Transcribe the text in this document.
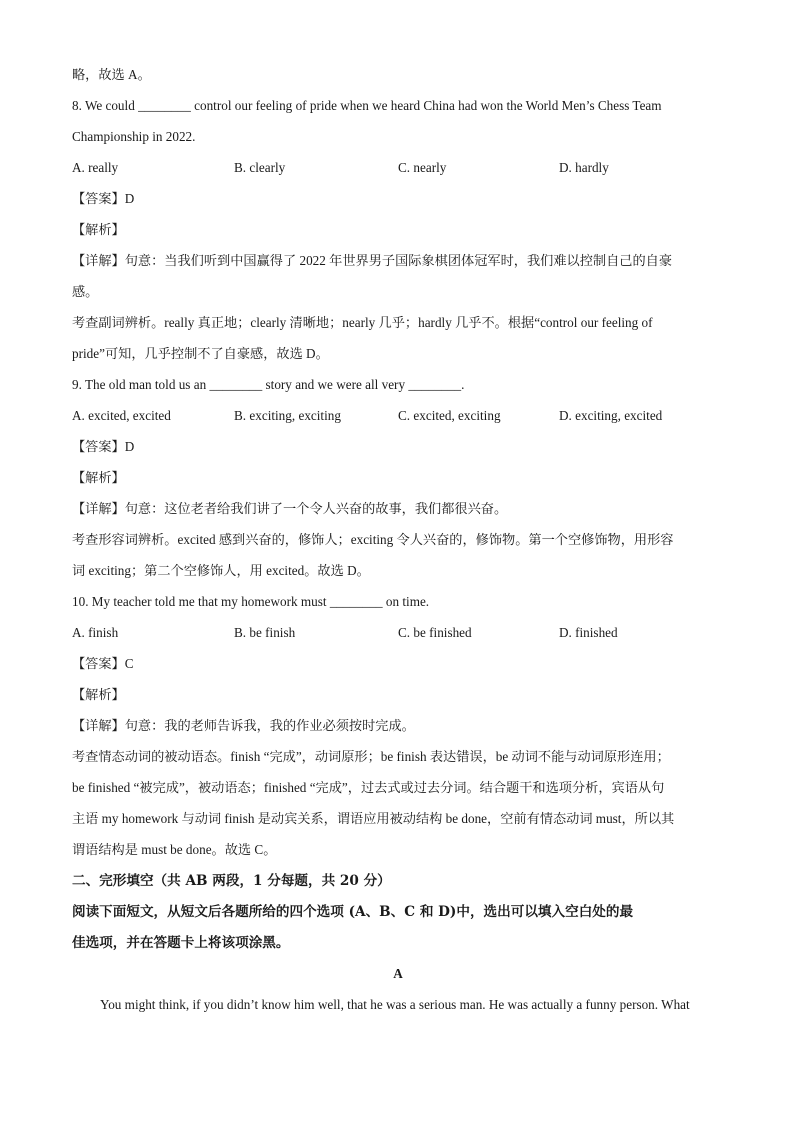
略，故选 A。
8. We could ________ control our feeling of pride when we heard China had won the World Men’s Chess Team
Championship in 2022.
A. really	B. clearly	C. nearly	D. hardly
【答案】D
【解析】
【详解】句意：当我们听到中国赢得了 2022 年世界男子国际象棋团体冠军时，我们难以控制自己的自豪
感。
考查副词辨析。really 真正地；clearly 清晰地；nearly 几乎；hardly 几乎不。根据“control our feeling of
pride”可知，几乎控制不了自豪感，故选 D。
9. The old man told us an ________ story and we were all very ________.
A. excited, excited	B. exciting, exciting	C. excited, exciting	D. exciting, excited
【答案】D
【解析】
【详解】句意：这位老者给我们讲了一个令人兴奋的故事，我们都很兴奋。
考查形容词辨析。excited 感到兴奋的，修饰人；exciting 令人兴奋的，修饰物。第一个空修饰物，用形容
词 exciting；第二个空修饰人，用 excited。故选 D。
10. My teacher told me that my homework must ________ on time.
A. finish	B. be finish	C. be finished	D. finished
【答案】C
【解析】
【详解】句意：我的老师告诉我，我的作业必须按时完成。
考查情态动词的被动语态。finish “完成”，动词原形；be finish 表达错误，be 动词不能与动词原形连用；
be finished “被完成”，被动语态；finished “完成”，过去式或过去分词。结合题干和选项分析，宾语从句
主语 my homework 与动词 finish 是动宾关系，谓语应用被动结构 be done，空前有情态动词 must，所以其
谓语结构是 must be done。故选 C。
二、完形填空（共 AB 两段，1 分每题，共 20 分）
阅读下面短文，从短文后各题所给的四个选项 (A、B、C 和 D)中，选出可以填入空白处的最
佳选项，并在答题卡上将该项涂黑。
A
You might think, if you didn’t know him well, that he was a serious man. He was actually a funny person. What
